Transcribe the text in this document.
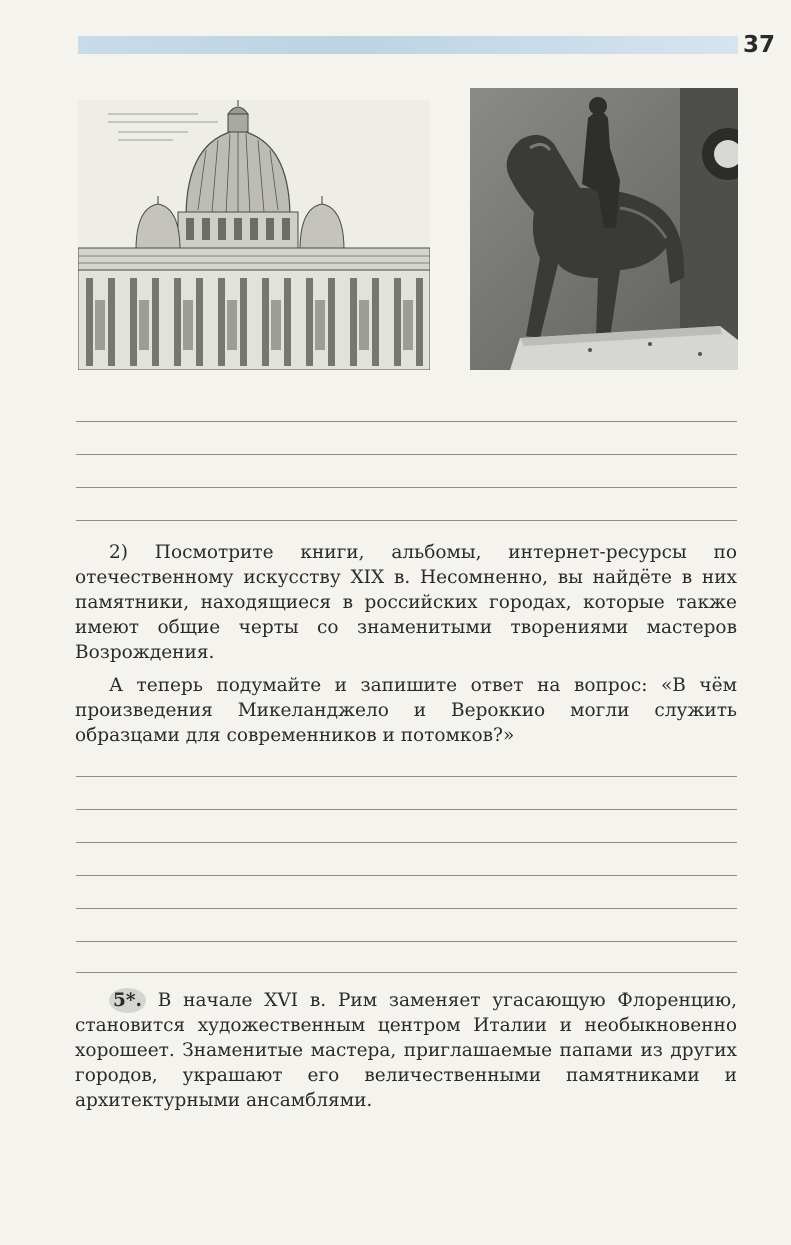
37

2) Посмотрите книги, альбомы, интернет-ресурсы по отечественному искусству XIX в. Несомненно, вы найдёте в них памятники, находящиеся в российских городах, которые также имеют общие черты со знаменитыми творениями мастеров Возрождения.

А теперь подумайте и запишите ответ на вопрос: «В чём произведения Микеланджело и Вероккио могли служить образцами для современников и потомков?»

5*. В начале XVI в. Рим заменяет угасающую Флоренцию, становится художественным центром Италии и необыкновенно хорошеет. Знаменитые мастера, приглашаемые папами из других городов, украшают его величественными памятниками и архитектурными ансамблями.
